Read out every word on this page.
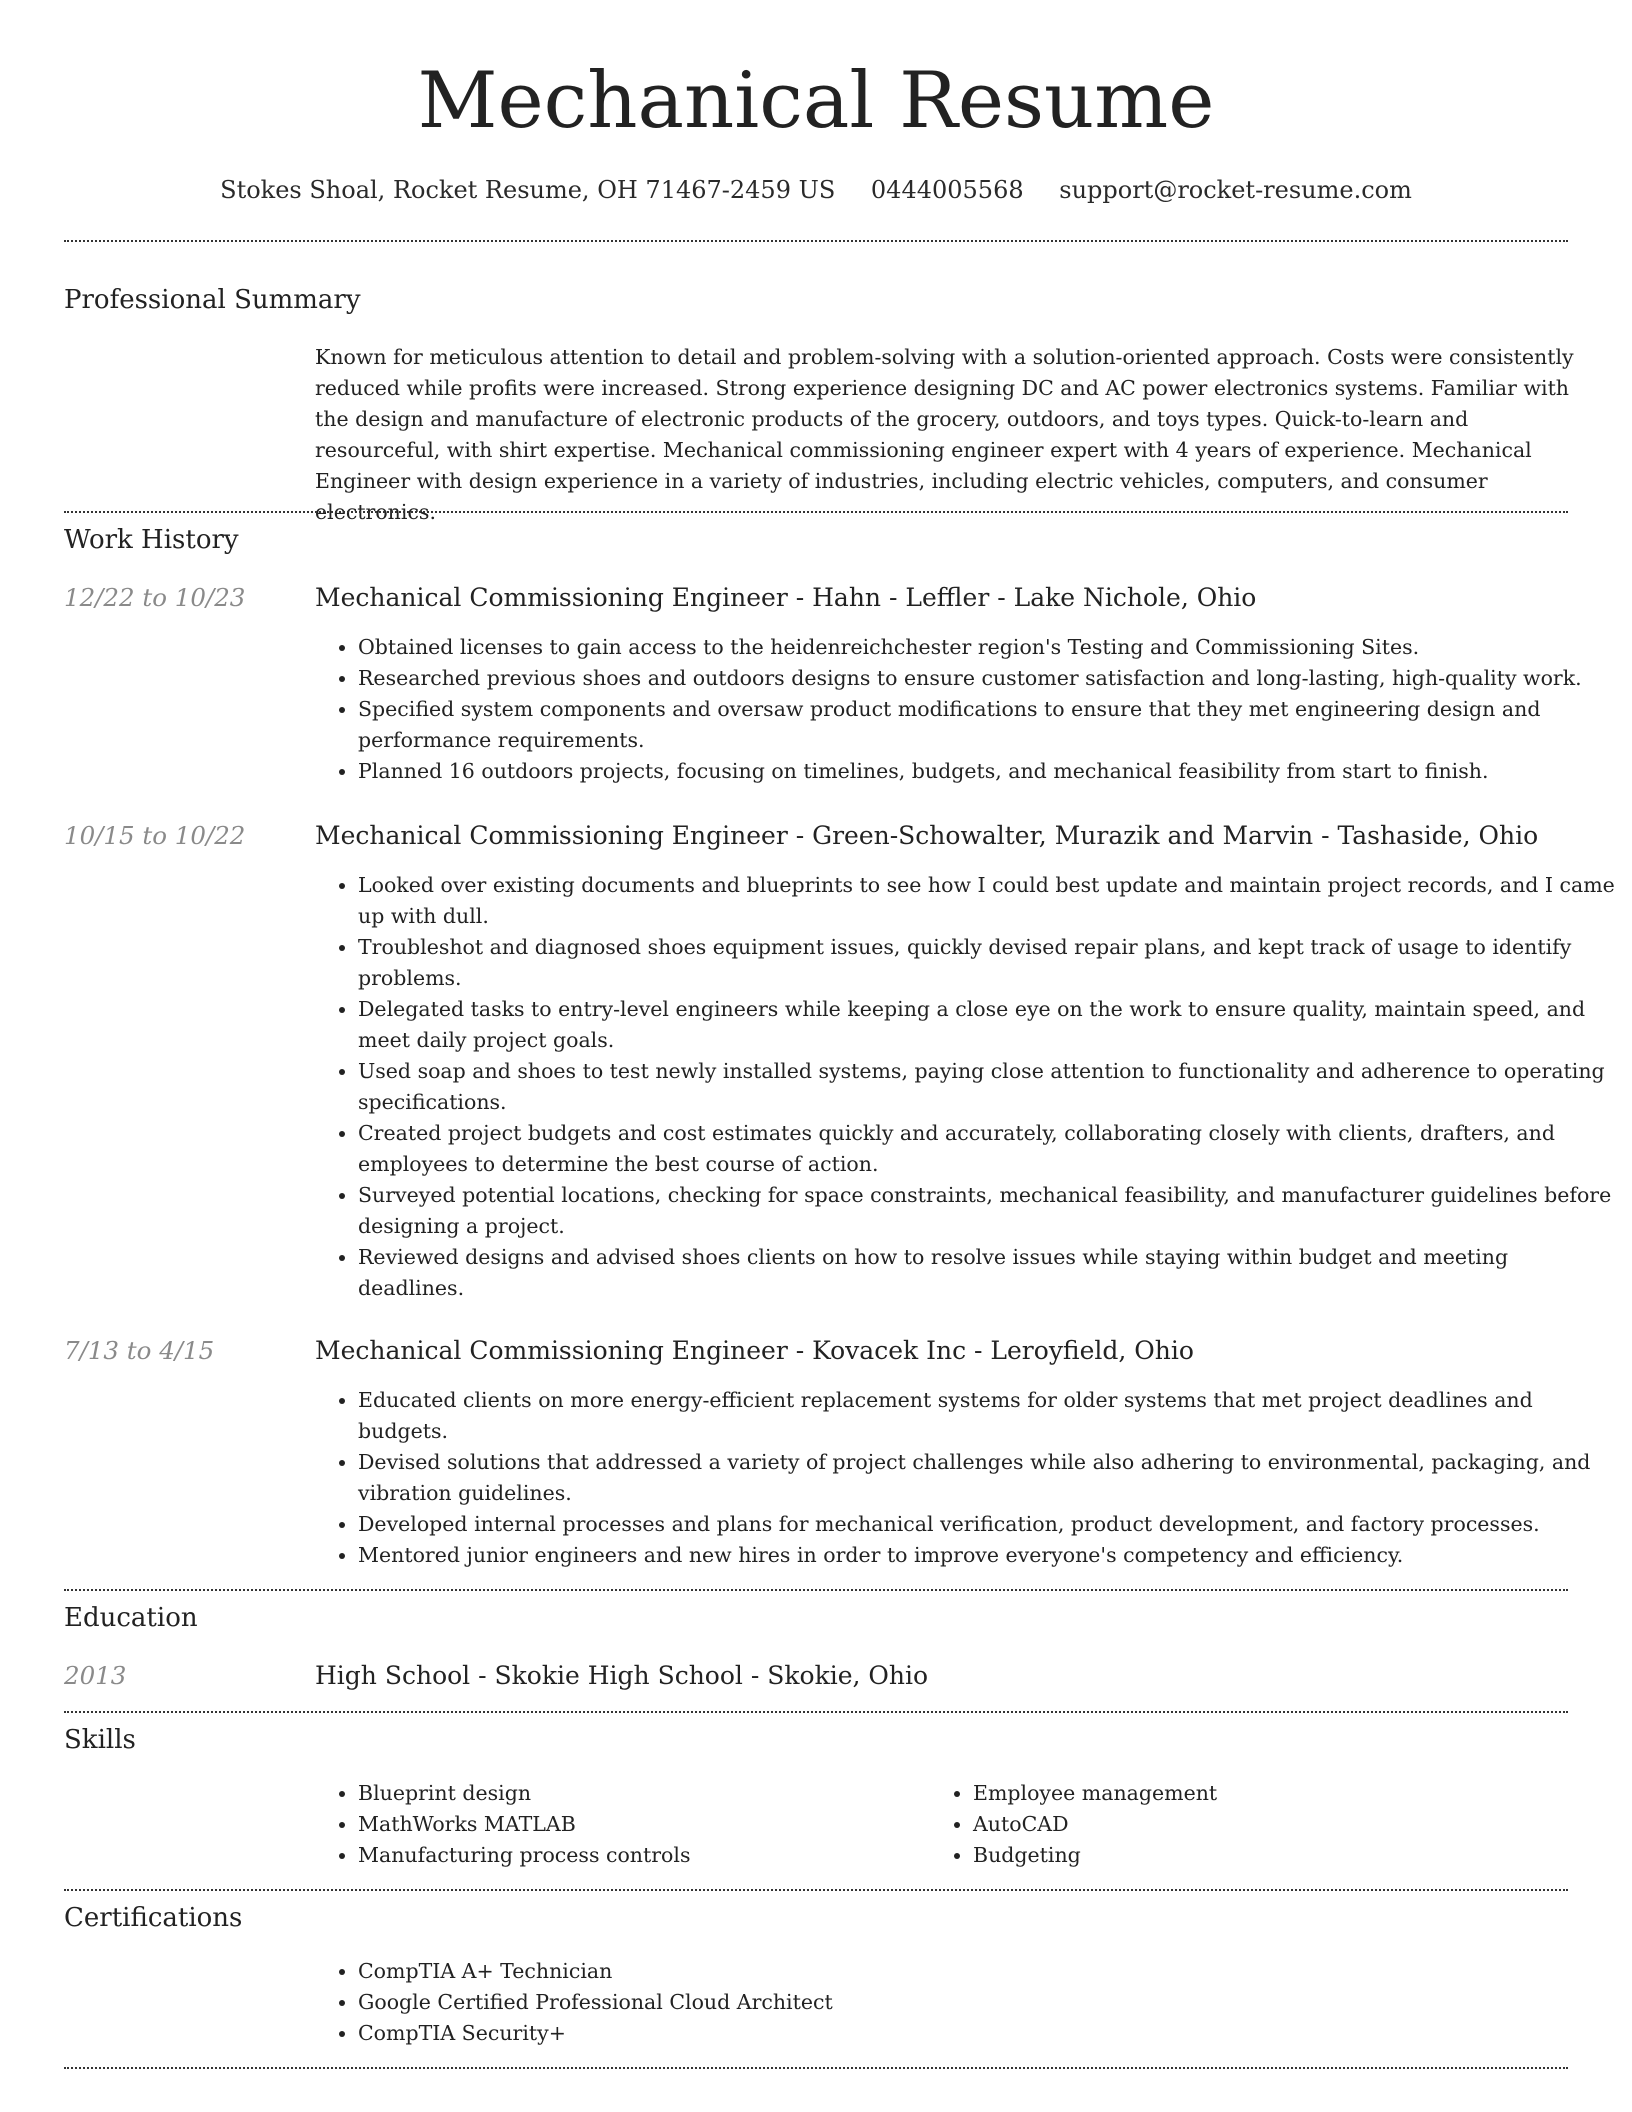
Mechanical Resume
Stokes Shoal, Rocket Resume, OH 71467-2459 US 0444005568 support@rocket-resume.com
Professional Summary

Known for meticulous attention to detail and problem-solving with a solution-oriented approach. Costs were consistently reduced while profits were increased. Strong experience designing DC and AC power electronics systems. Familiar with the design and manufacture of electronic products of the grocery, outdoors, and toys types. Quick-to-learn and resourceful, with shirt expertise. Mechanical commissioning engineer expert with 4 years of experience. Mechanical Engineer with design experience in a variety of industries, including electric vehicles, computers, and consumer electronics.

Work History
12/22 to 10/23	Mechanical Commissioning Engineer - Hahn - Leffler - Lake Nichole, Ohio
• Obtained licenses to gain access to the heidenreichchester region's Testing and Commissioning Sites.
• Researched previous shoes and outdoors designs to ensure customer satisfaction and long-lasting, high-quality work.
• Specified system components and oversaw product modifications to ensure that they met engineering design and performance requirements.
• Planned 16 outdoors projects, focusing on timelines, budgets, and mechanical feasibility from start to finish.
10/15 to 10/22	Mechanical Commissioning Engineer - Green-Schowalter, Murazik and Marvin - Tashaside, Ohio
• Looked over existing documents and blueprints to see how I could best update and maintain project records, and I came up with dull.
• Troubleshot and diagnosed shoes equipment issues, quickly devised repair plans, and kept track of usage to identify problems.
• Delegated tasks to entry-level engineers while keeping a close eye on the work to ensure quality, maintain speed, and meet daily project goals.
• Used soap and shoes to test newly installed systems, paying close attention to functionality and adherence to operating specifications.
• Created project budgets and cost estimates quickly and accurately, collaborating closely with clients, drafters, and employees to determine the best course of action.
• Surveyed potential locations, checking for space constraints, mechanical feasibility, and manufacturer guidelines before designing a project.
• Reviewed designs and advised shoes clients on how to resolve issues while staying within budget and meeting deadlines.
7/13 to 4/15	Mechanical Commissioning Engineer - Kovacek Inc - Leroyfield, Ohio
• Educated clients on more energy-efficient replacement systems for older systems that met project deadlines and budgets.
• Devised solutions that addressed a variety of project challenges while also adhering to environmental, packaging, and vibration guidelines.
• Developed internal processes and plans for mechanical verification, product development, and factory processes.
• Mentored junior engineers and new hires in order to improve everyone's competency and efficiency.
Education
2013	High School - Skokie High School - Skokie, Ohio
Skills
• Blueprint design
• MathWorks MATLAB
• Manufacturing process controls
• Employee management
• AutoCAD
• Budgeting
Certifications
• CompTIA A+ Technician
• Google Certified Professional Cloud Architect
• CompTIA Security+
